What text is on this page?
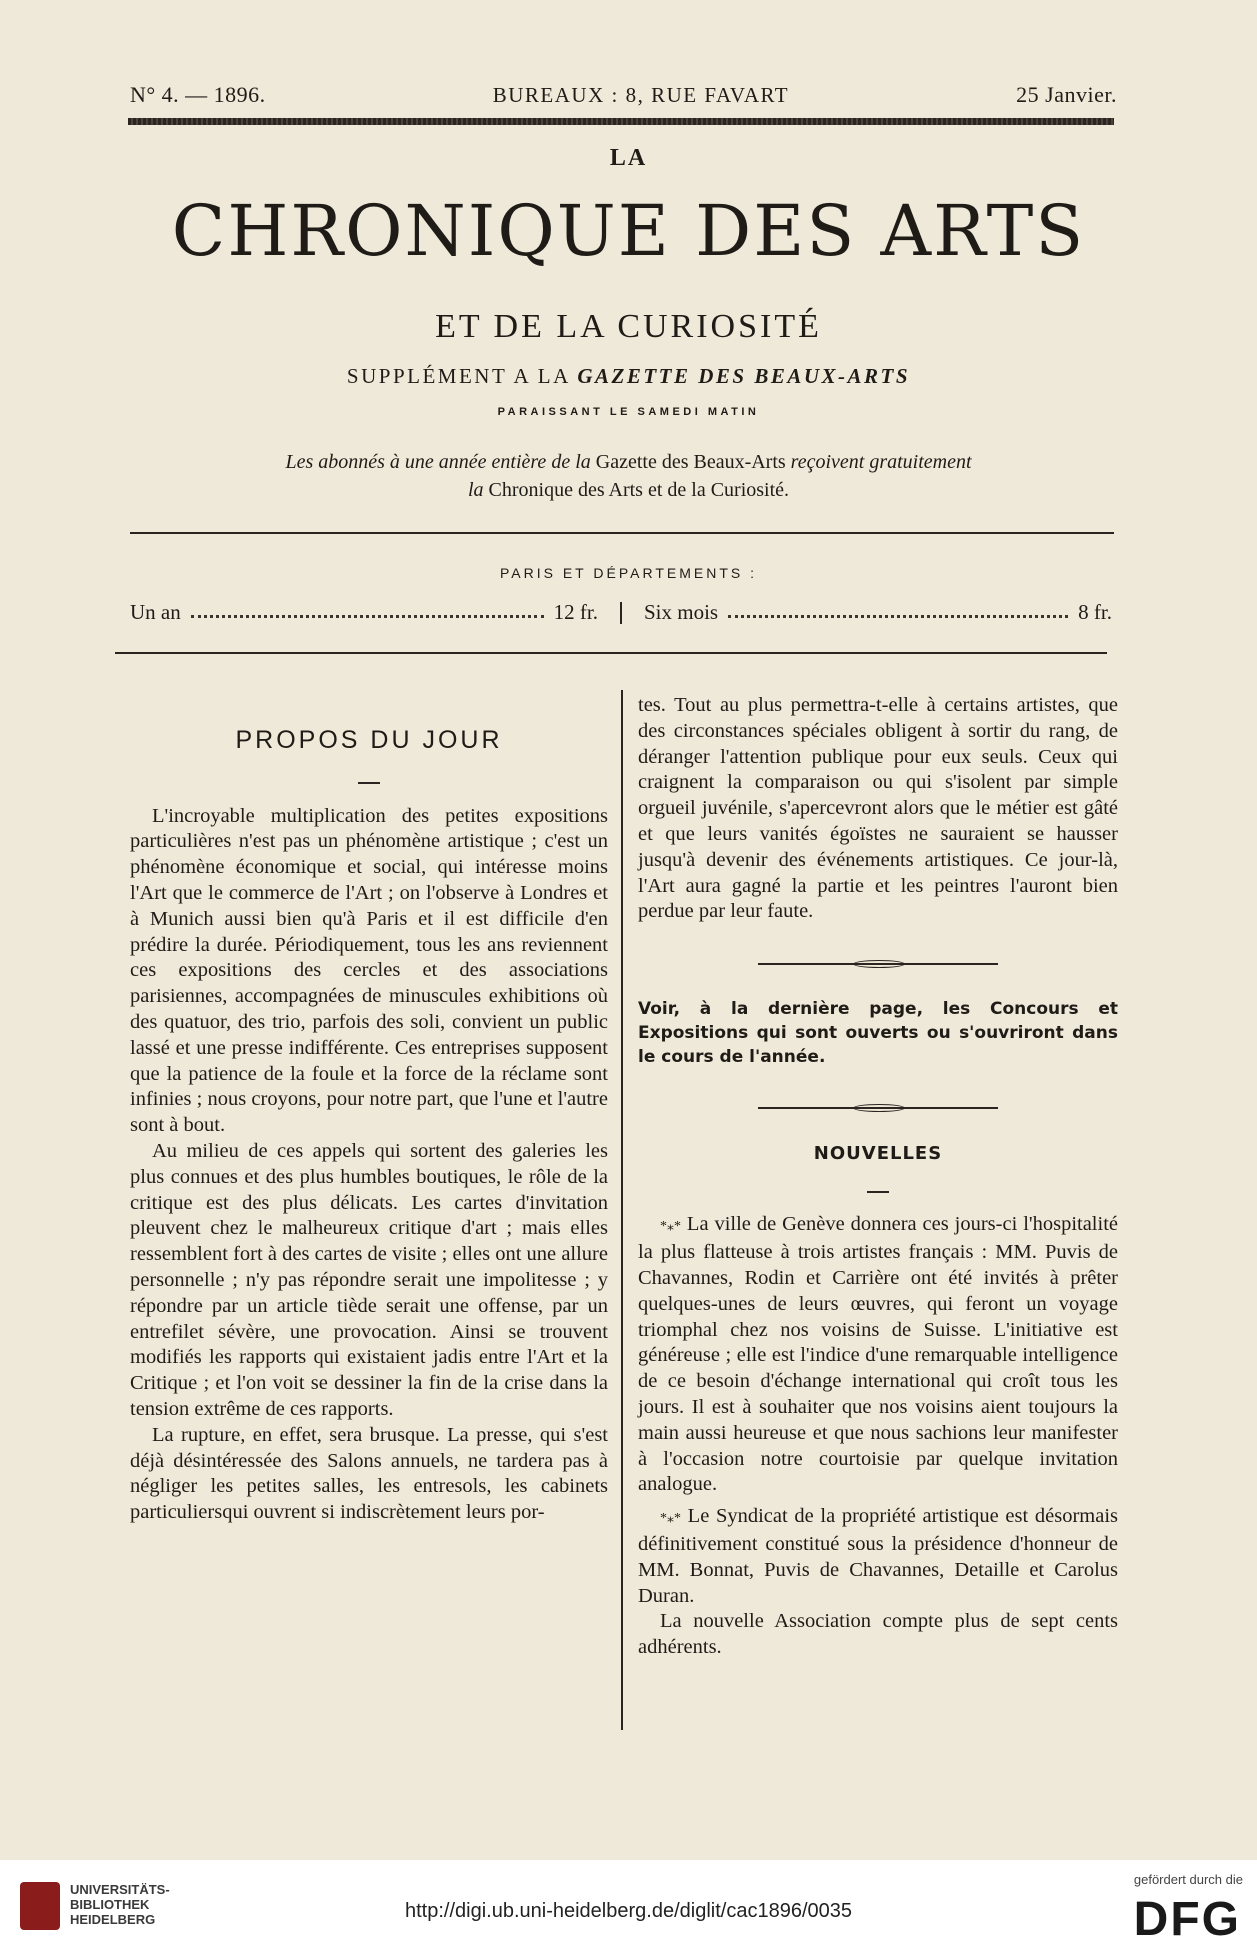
N° 4. — 1896.	BUREAUX : 8, RUE FAVART	25 Janvier.
LA
CHRONIQUE DES ARTS
ET DE LA CURIOSITÉ
SUPPLÉMENT A LA GAZETTE DES BEAUX-ARTS
PARAISSANT LE SAMEDI MATIN
Les abonnés à une année entière de la Gazette des Beaux-Arts reçoivent gratuitement
la Chronique des Arts et de la Curiosité.
PARIS ET DÉPARTEMENTS :
Un an	12 fr. Six mois	8 fr.
PROPOS DU JOUR

L'incroyable multiplication des petites expositions particulières n'est pas un phénomène artistique ; c'est un phénomène économique et social, qui intéresse moins l'Art que le commerce de l'Art ; on l'observe à Londres et à Munich aussi bien qu'à Paris et il est difficile d'en prédire la durée. Périodiquement, tous les ans reviennent ces expositions des cercles et des associations parisiennes, accompagnées de minuscules exhibitions où des quatuor, des trio, parfois des soli, convient un public lassé et une presse indifférente. Ces entreprises supposent que la patience de la foule et la force de la réclame sont infinies ; nous croyons, pour notre part, que l'une et l'autre sont à bout.

Au milieu de ces appels qui sortent des galeries les plus connues et des plus humbles boutiques, le rôle de la critique est des plus délicats. Les cartes d'invitation pleuvent chez le malheureux critique d'art ; mais elles ressemblent fort à des cartes de visite ; elles ont une allure personnelle ; n'y pas répondre serait une impolitesse ; y répondre par un article tiède serait une offense, par un entrefilet sévère, une provocation. Ainsi se trouvent modifiés les rapports qui existaient jadis entre l'Art et la Critique ; et l'on voit se dessiner la fin de la crise dans la tension extrême de ces rapports.

La rupture, en effet, sera brusque. La presse, qui s'est déjà désintéressée des Salons annuels, ne tardera pas à négliger les petites salles, les entresols, les cabinets particuliersqui ouvrent si indiscrètement leurs por-

tes. Tout au plus permettra-t-elle à certains artistes, que des circonstances spéciales obligent à sortir du rang, de déranger l'attention publique pour eux seuls. Ceux qui craignent la comparaison ou qui s'isolent par simple orgueil juvénile, s'apercevront alors que le métier est gâté et que leurs vanités égoïstes ne sauraient se hausser jusqu'à devenir des événements artistiques. Ce jour-là, l'Art aura gagné la partie et les peintres l'auront bien perdue par leur faute.

Voir, à la dernière page, les Concours et Expositions qui sont ouverts ou s'ouvriront dans le cours de l'année.
NOUVELLES

*⁎* La ville de Genève donnera ces jours-ci l'hospitalité la plus flatteuse à trois artistes français : MM. Puvis de Chavannes, Rodin et Carrière ont été invités à prêter quelques-unes de leurs œuvres, qui feront un voyage triomphal chez nos voisins de Suisse. L'initiative est généreuse ; elle est l'indice d'une remarquable intelligence de ce besoin d'échange international qui croît tous les jours. Il est à souhaiter que nos voisins aient toujours la main aussi heureuse et que nous sachions leur manifester à l'occasion notre courtoisie par quelque invitation analogue.

*⁎* Le Syndicat de la propriété artistique est désormais définitivement constitué sous la présidence d'honneur de MM. Bonnat, Puvis de Chavannes, Detaille et Carolus Duran.

La nouvelle Association compte plus de sept cents adhérents.

UNIVERSITÄTS-
BIBLIOTHEK
HEIDELBERG	http://digi.ub.uni-heidelberg.de/diglit/cac1896/0035
gefördert durch die
DFG
